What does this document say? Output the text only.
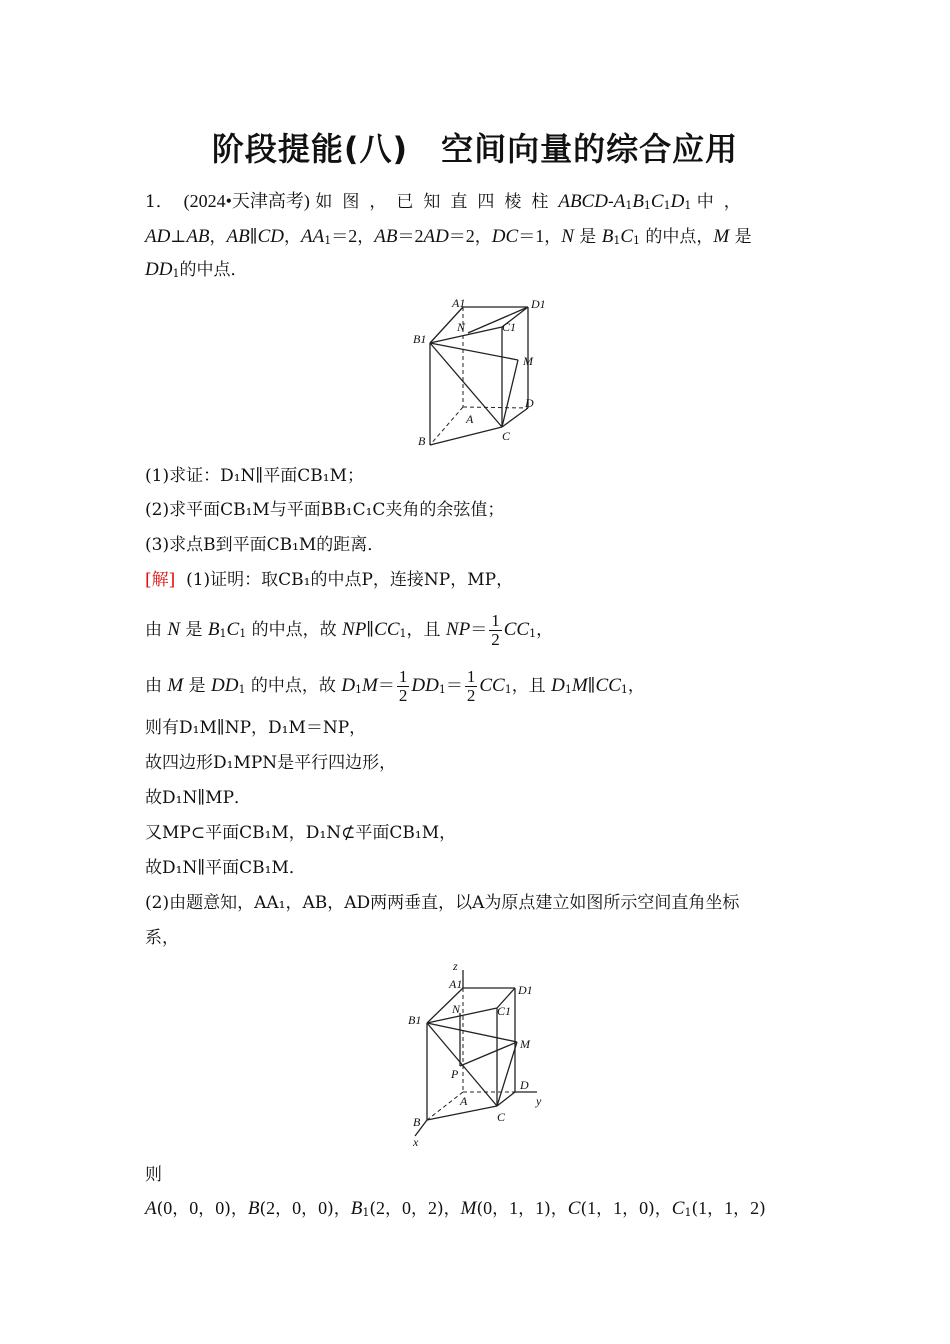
阶段提能(八)　空间向量的综合应用
1． (2024•天津高考) 如图，已知直四棱柱ABCD-$A_1B_1C_1D_1$ 中，
AD⊥AB，AB∥CD，$AA_1=2$，AB＝2AD＝2，DC＝1，N 是 $B_1C_1$ 的中点，M 是
$DD_1$的中点．
A1	D1
N	C1
B1
M
D
A
C
B
(1)求证：D₁N∥平面CB₁M；
(2)求平面CB₁M与平面BB₁C₁C夹角的余弦值；
(3)求点B到平面CB₁M的距离．
[解] (1)证明：取CB₁的中点P，连接NP，MP，
由 N 是 $B_1C_1$ 的中点，故 $NP\parallel CC_1$，且 $NP= \frac{1}{2} CC_1$，
由 M 是 $DD_1$ 的中点，故 $D_1M= \frac{1}{2} DD_1= \frac{1}{2} CC_1$，且 $D_1M\parallel CC_1$，
则有D₁M∥NP，D₁M＝NP，
故四边形D₁MPN是平行四边形，
故D₁N∥MP．
又MP⊂平面CB₁M，D₁N⊄平面CB₁M，
故D₁N∥平面CB₁M．
(2)由题意知，AA₁，AB，AD两两垂直，以A为原点建立如图所示空间直角坐标
系，
z
A1	D1
N	C1
B1
M
P
D
y
A
C
B
x
则
A(0，0，0)，B(2，0，0)，$B_1(2$，0，2)，M(0，1，1)，C(1，1，0)，$C_1(1$，1，2)
